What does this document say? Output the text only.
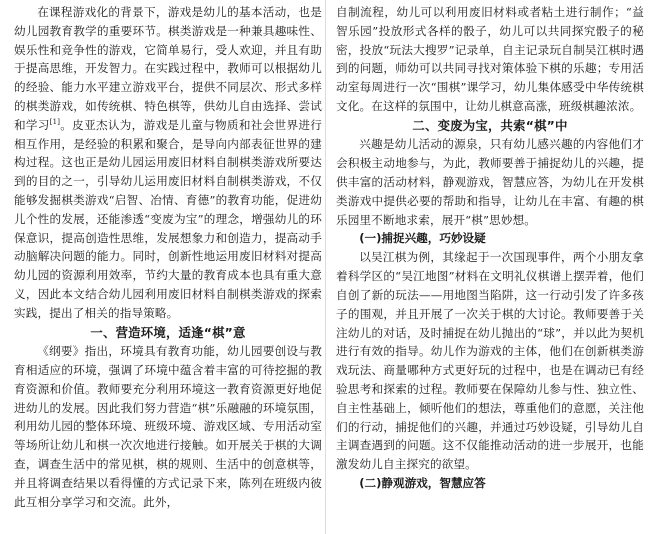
在课程游戏化的背景下，游戏是幼儿的基本活动，也是幼儿园教育教学的重要环节。棋类游戏是一种兼具趣味性、娱乐性和竞争性的游戏，它简单易行，受人欢迎，并且有助于提高思维，开发智力。在实践过程中，教师可以根据幼儿的经验、能力水平建立游戏平台，提供不同层次、形式多样的棋类游戏，如传统棋、特色棋等，供幼儿自由选择、尝试和学习[1]。皮亚杰认为，游戏是儿童与物质和社会世界进行相互作用，是经验的积累和聚合，是导向内部表征世界的建构过程。这也正是幼儿园运用废旧材料自制棋类游戏所要达到的目的之一，引导幼儿运用废旧材料自制棋类游戏，不仅能够发掘棋类游戏“启智、冶情、育德”的教育功能，促进幼儿个性的发展，还能渗透“变废为宝”的理念，增强幼儿的环保意识，提高创造性思维，发展想象力和创造力，提高动手动脑解决问题的能力。同时，创新性地运用废旧材料对提高幼儿园的资源利用效率，节约大量的教育成本也具有重大意义，因此本文结合幼儿园利用废旧材料自制棋类游戏的探索实践，提出了相关的指导策略。

一、营造环境，适逢“棋”意

《纲要》指出，环境具有教育功能，幼儿园要创设与教育相适应的环境，强调了环境中蕴含着丰富的可待挖掘的教育资源和价值。教师要充分利用环境这一教育资源更好地促进幼儿的发展。因此我们努力营造“棋”乐融融的环境氛围，利用幼儿园的整体环境、班级环境、游戏区域、专用活动室等场所让幼儿和棋一次次地进行接触。如开展关于棋的大调查，调查生活中的常见棋，棋的规则、生活中的创意棋等，并且将调查结果以看得懂的方式记录下来，陈列在班级内彼此互相分享学习和交流。此外，

自制流程，幼儿可以利用废旧材料或者粘土进行制作；“益智乐园”投放形式各样的骰子，幼儿可以共同探究骰子的秘密，投放“玩法大搜罗”记录单，自主记录玩自制吴江棋时遇到的问题，师幼可以共同寻找对策体验下棋的乐趣；专用活动室每周进行一次“围棋”课学习，幼儿集体感受中华传统棋文化。在这样的氛围中，让幼儿棋意高涨，班级棋趣浓浓。

二、变废为宝，共索“棋”中

兴趣是幼儿活动的源泉，只有幼儿感兴趣的内容他们才会积极主动地参与，为此，教师要善于捕捉幼儿的兴趣，提供丰富的活动材料，静观游戏，智慧应答，为幼儿在开发棋类游戏中提供必要的帮助和指导，让幼儿在丰富、有趣的棋乐园里不断地求索，展开“棋”思妙想。

(一)捕捉兴趣，巧妙设疑

以吴江棋为例，其缘起于一次国现事件，两个小朋友拿着科学区的“吴江地图”材料在文明礼仪棋谱上摆弄着，他们自创了新的玩法——用地图当陷阱，这一行动引发了许多孩子的围观，并且开展了一次关于棋的大讨论。教师要善于关注幼儿的对话，及时捕捉在幼儿抛出的“球”，并以此为契机进行有效的指导。幼儿作为游戏的主体，他们在创新棋类游戏玩法、商量哪种方式更好玩的过程中，也是在调动已有经验思考和探索的过程。教师要在保障幼儿参与性、独立性、自主性基础上，倾听他们的想法，尊重他们的意愿，关注他们的行动，捕捉他们的兴趣，并通过巧妙设疑，引导幼儿自主调查遇到的问题。这不仅能推动活动的进一步展开，也能激发幼儿自主探究的欲望。

(二)静观游戏，智慧应答
